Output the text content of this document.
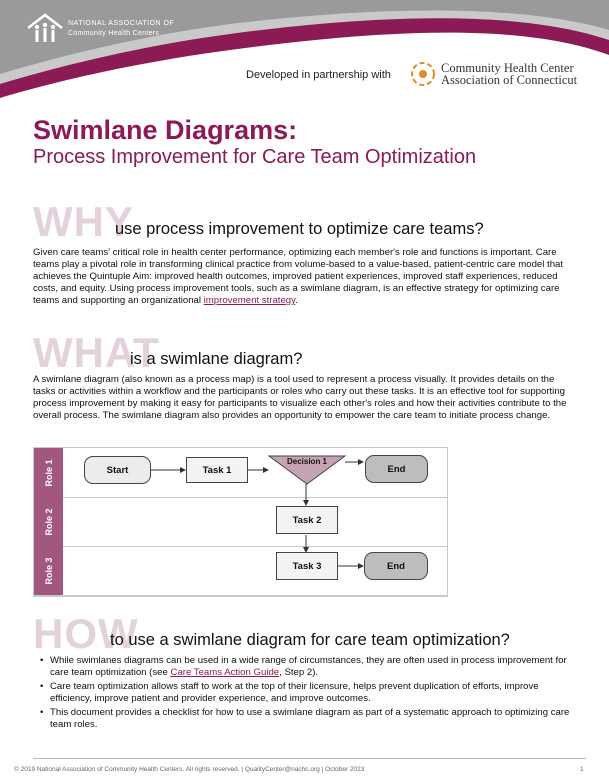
NATIONAL ASSOCIATION OF
Community Health Centers
Developed in partnership with	Community Health Center
Association of Connecticut
Swimlane Diagrams:
Process Improvement for Care Team Optimization
WHY
use process improvement to optimize care teams?
Given care teams' critical role in health center performance, optimizing each member's role and functions is important. Care teams play a pivotal role in transforming clinical practice from volume-based to a value-based, patient-centric care model that achieves the Quintuple Aim: improved health outcomes, improved patient experiences, improved staff experiences, reduced costs, and equity. Using process improvement tools, such as a swimlane diagram, is an effective strategy for optimizing care teams and supporting an organizational improvement strategy.
WHAT
is a swimlane diagram?
A swimlane diagram (also known as a process map) is a tool used to represent a process visually. It provides details on the tasks or activities within a workflow and the participants or roles who carry out these tasks. It is an effective tool for supporting process improvement by making it easy for participants to visualize each other's roles and how their activities contribute to the overall process. The swimlane diagram also provides an opportunity to empower the care team to initiate process change.
Role 1
Role 2
Role 3
Start	Task 1
Decision 1
End
Task 2
Task 3	End
HOW
to use a swimlane diagram for care team optimization?
• While swimlanes diagrams can be used in a wide range of circumstances, they are often used in process improvement for care team optimization (see Care Teams Action Guide, Step 2).
• Care team optimization allows staff to work at the top of their licensure, helps prevent duplication of efforts, improve efficiency, improve patient and provider experience, and improve outcomes.
• This document provides a checklist for how to use a swimlane diagram as part of a systematic approach to optimizing care team roles.
© 2019 National Association of Community Health Centers. All rights reserved. | QualityCenter@nachc.org | October 2023	1
